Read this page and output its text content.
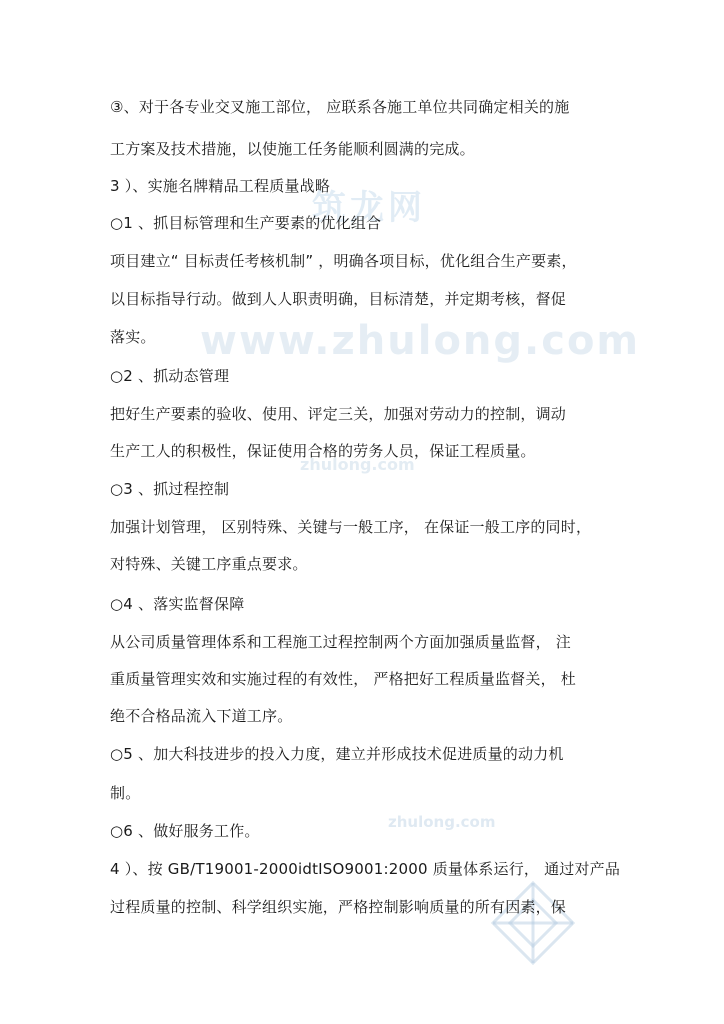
筑龙网
www.zhulong.com
zhulong.com
zhulong.com
③、对于各专业交叉施工部位， 应联系各施工单位共同确定相关的施
工方案及技术措施，以使施工任务能顺利圆满的完成。
3 ）、实施名牌精品工程质量战略
○1 、抓目标管理和生产要素的优化组合
项目建立“ 目标责任考核机制” ，明确各项目标，优化组合生产要素，
以目标指导行动。做到人人职责明确，目标清楚，并定期考核，督促
落实。
○2 、抓动态管理
把好生产要素的验收、使用、评定三关，加强对劳动力的控制，调动
生产工人的积极性，保证使用合格的劳务人员，保证工程质量。
○3 、抓过程控制
加强计划管理， 区别特殊、关键与一般工序， 在保证一般工序的同时，
对特殊、关键工序重点要求。
○4 、落实监督保障
从公司质量管理体系和工程施工过程控制两个方面加强质量监督， 注
重质量管理实效和实施过程的有效性， 严格把好工程质量监督关， 杜
绝不合格品流入下道工序。
○5 、加大科技进步的投入力度，建立并形成技术促进质量的动力机
制。
○6 、做好服务工作。
4 ）、按 GB/T19001-2000idtISO9001:2000 质量体系运行， 通过对产品
过程质量的控制、科学组织实施，严格控制影响质量的所有因素，保
